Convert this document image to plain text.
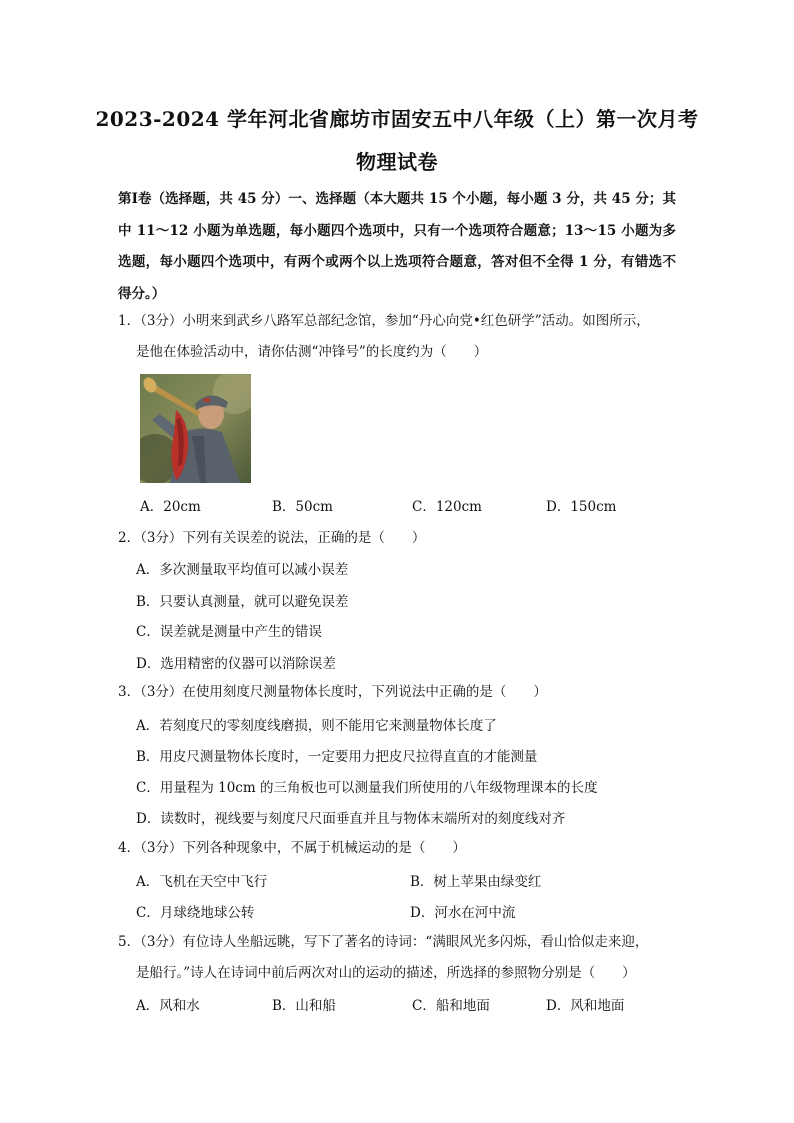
2023-2024 学年河北省廊坊市固安五中八年级（上）第一次月考
物理试卷
第Ⅰ卷（选择题，共 45 分）一、选择题（本大题共 15 个小题，每小题 3 分，共 45 分；其中 11～12 小题为单选题，每小题四个选项中，只有一个选项符合题意；13～15 小题为多选题，每小题四个选项中，有两个或两个以上选项符合题意，答对但不全得 1 分，有错选不得分。）
1．（3分）小明来到武乡八路军总部纪念馆，参加“丹心向党•红色研学”活动。如图所示，
是他在体验活动中，请你估测“冲锋号”的长度约为（　　）
A．20cm	B．50cm	C．120cm	D．150cm
2．（3分）下列有关误差的说法，正确的是（　　）
A．多次测量取平均值可以减小误差
B．只要认真测量，就可以避免误差
C．误差就是测量中产生的错误
D．选用精密的仪器可以消除误差
3．（3分）在使用刻度尺测量物体长度时，下列说法中正确的是（　　）
A．若刻度尺的零刻度线磨损，则不能用它来测量物体长度了
B．用皮尺测量物体长度时，一定要用力把皮尺拉得直直的才能测量
C．用量程为 10cm 的三角板也可以测量我们所使用的八年级物理课本的长度
D．读数时，视线要与刻度尺尺面垂直并且与物体末端所对的刻度线对齐
4．（3分）下列各种现象中，不属于机械运动的是（　　）
A．飞机在天空中飞行	B．树上苹果由绿变红
C．月球绕地球公转	D．河水在河中流
5．（3分）有位诗人坐船远眺，写下了著名的诗词：“满眼风光多闪烁，看山恰似走来迎，
是船行。”诗人在诗词中前后两次对山的运动的描述，所选择的参照物分别是（　　）
A．风和水	B．山和船	C．船和地面	D．风和地面
